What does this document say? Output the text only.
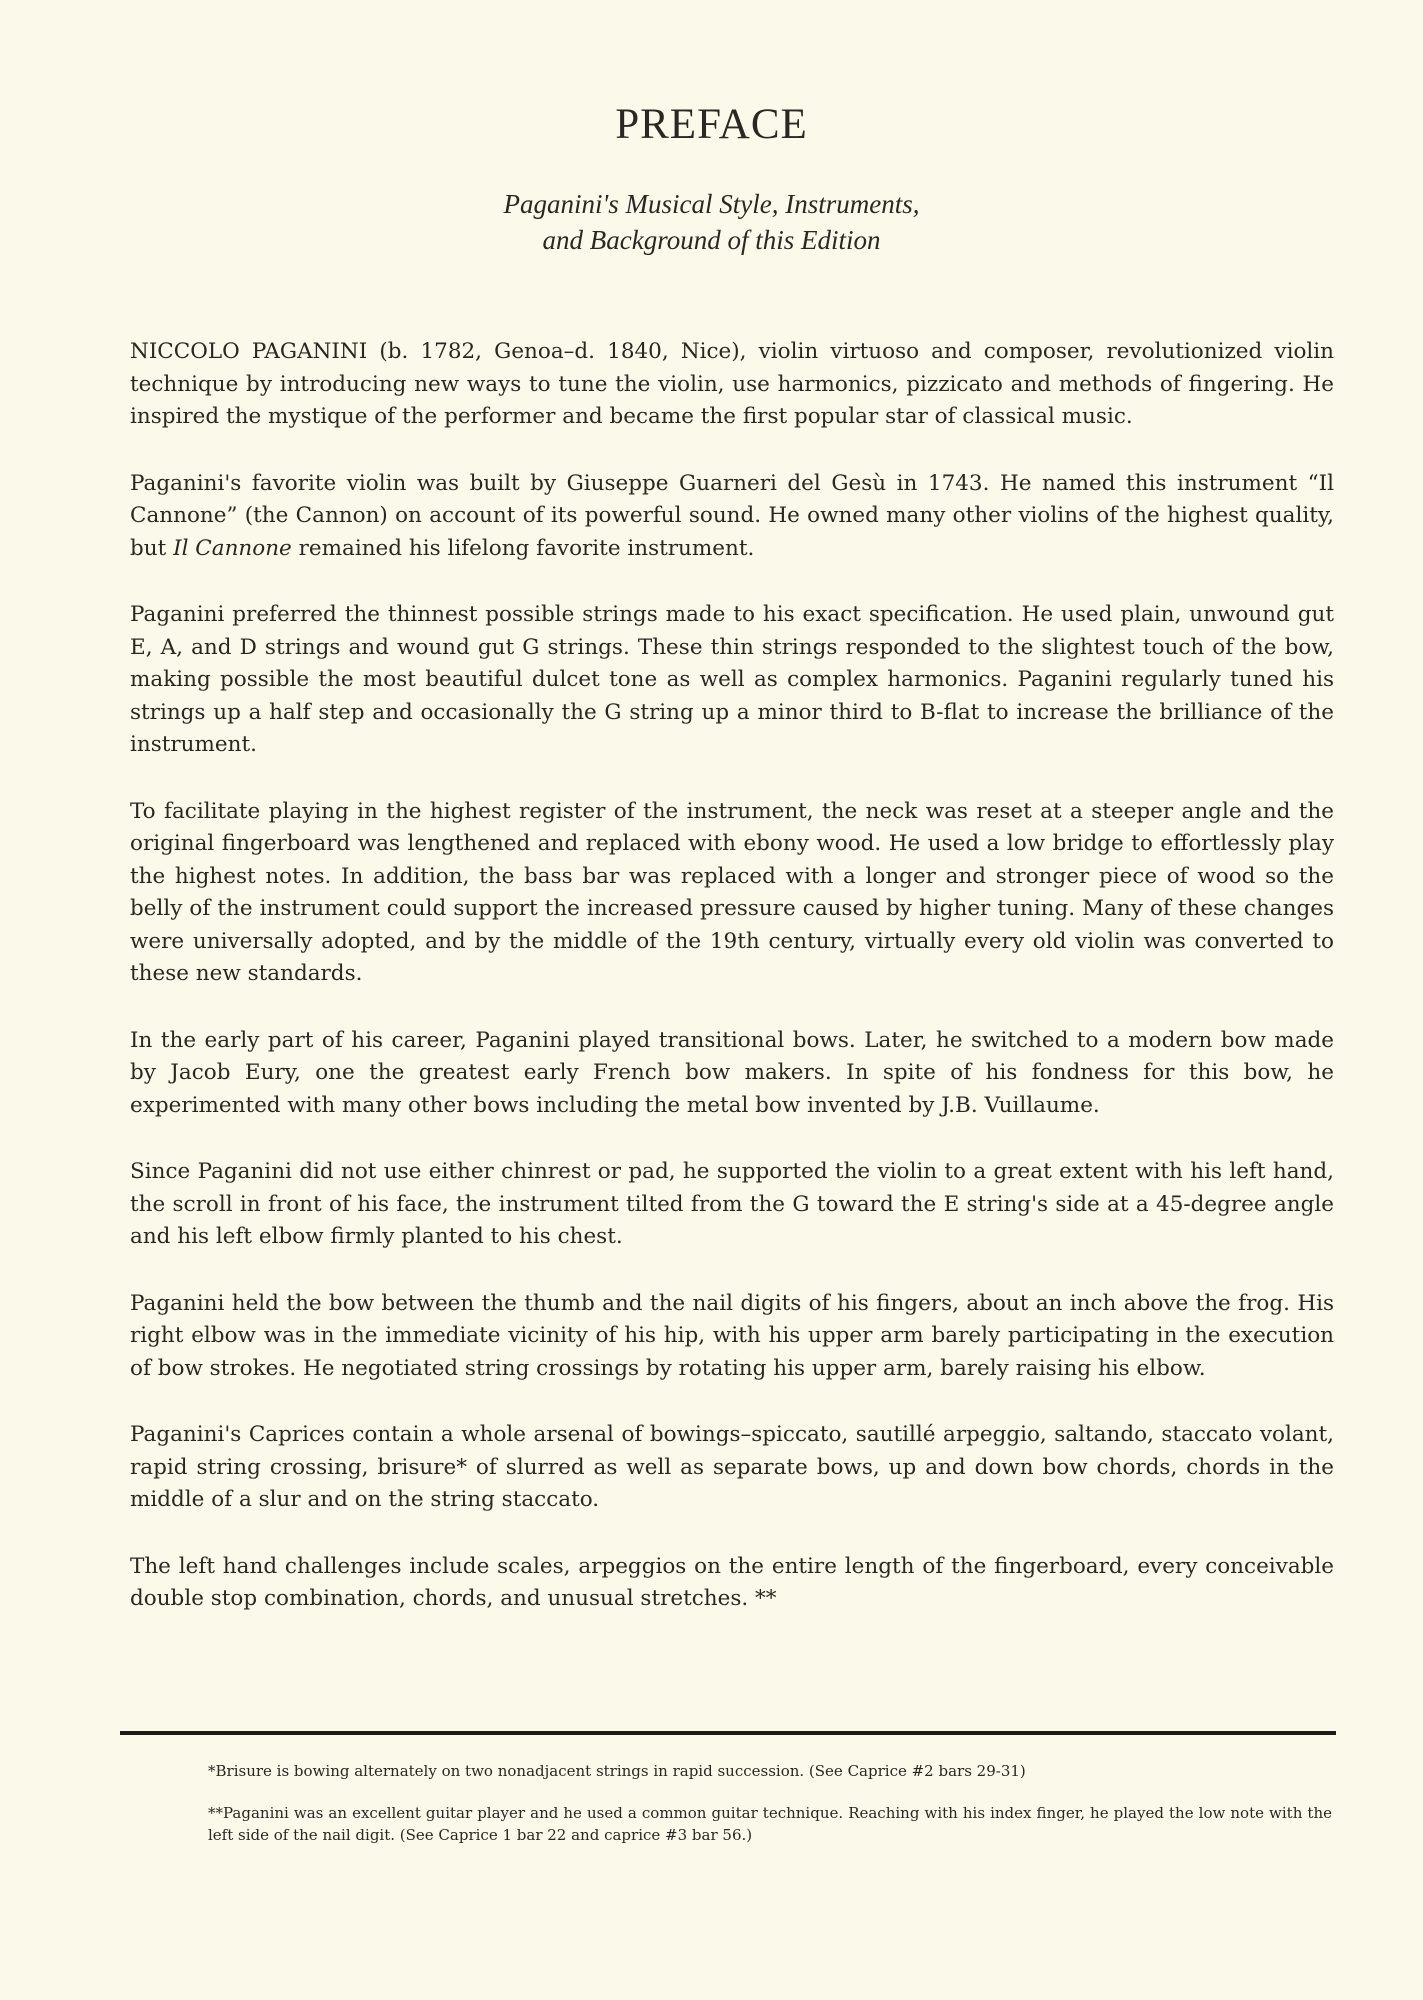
PREFACE
Paganini's Musical Style, Instruments,
and Background of this Edition

NICCOLO PAGANINI (b. 1782, Genoa–d. 1840, Nice), violin virtuoso and composer, revolutionized violin technique by introducing new ways to tune the violin, use harmonics, pizzicato and methods of fingering. He inspired the mystique of the performer and became the first popular star of classical music.

Paganini's favorite violin was built by Giuseppe Guarneri del Gesù in 1743. He named this instrument “Il Cannone” (the Cannon) on account of its powerful sound. He owned many other violins of the highest quality, but Il Cannone remained his lifelong favorite instrument.

Paganini preferred the thinnest possible strings made to his exact specification. He used plain, unwound gut E, A, and D strings and wound gut G strings. These thin strings responded to the slightest touch of the bow, making possible the most beautiful dulcet tone as well as complex harmonics. Paganini regularly tuned his strings up a half step and occasionally the G string up a minor third to B-flat to increase the brilliance of the instrument.

To facilitate playing in the highest register of the instrument, the neck was reset at a steeper angle and the original fingerboard was lengthened and replaced with ebony wood. He used a low bridge to effortlessly play the highest notes. In addition, the bass bar was replaced with a longer and stronger piece of wood so the belly of the instrument could support the increased pressure caused by higher tuning. Many of these changes were universally adopted, and by the middle of the 19th century, virtually every old violin was converted to these new standards.

In the early part of his career, Paganini played transitional bows. Later, he switched to a modern bow made by Jacob Eury, one the greatest early French bow makers. In spite of his fondness for this bow, he experimented with many other bows including the metal bow invented by J.B. Vuillaume.

Since Paganini did not use either chinrest or pad, he supported the violin to a great extent with his left hand, the scroll in front of his face, the instrument tilted from the G toward the E string's side at a 45-degree angle and his left elbow firmly planted to his chest.

Paganini held the bow between the thumb and the nail digits of his fingers, about an inch above the frog. His right elbow was in the immediate vicinity of his hip, with his upper arm barely participating in the execution of bow strokes. He negotiated string crossings by rotating his upper arm, barely raising his elbow.

Paganini's Caprices contain a whole arsenal of bowings–spiccato, sautillé arpeggio, saltando, staccato volant, rapid string crossing, brisure* of slurred as well as separate bows, up and down bow chords, chords in the middle of a slur and on the string staccato.

The left hand challenges include scales, arpeggios on the entire length of the fingerboard, every conceivable double stop combination, chords, and unusual stretches. **

*Brisure is bowing alternately on two nonadjacent strings in rapid succession. (See Caprice #2 bars 29-31)

**Paganini was an excellent guitar player and he used a common guitar technique. Reaching with his index finger, he played the low note with the left side of the nail digit. (See Caprice 1 bar 22 and caprice #3 bar 56.)
